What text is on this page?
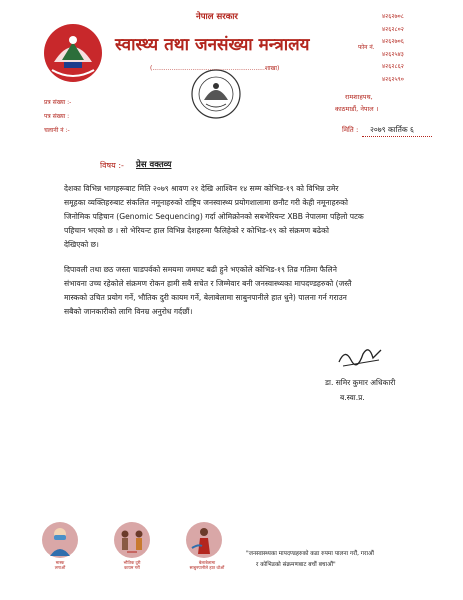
नेपाल सरकार
स्वास्थ्य तथा जनसंख्या मन्त्रालय
(...........................................................शाखा)
फोन नं.
४२६२७०८
४२६२८०२
४२६२७०६
४२६२५४३
४२६२८६२
४२६२५९०
रामशाहपथ,
काठमाडौं, नेपाल ।
प्रत्र संख्या :-
पत्र संख्या :
चलानी नं :-	मिति : २०७९ कार्तिक ६
विषय :- प्रेस वक्तव्य
देशका विभिन्न भागहरूबाट मिति २०७९ श्रावण २१ देखि आश्विन १४ सम्म कोभिड-१९ को विभिन्न उमेर
समूहका व्यक्तिहरुबाट संकलित नमूनाहरुको राष्ट्रिय जनस्वास्थ्य प्रयोगशालामा छनौट गरी केही नमूनाहरुको
जिनोमिक पहिचान (Genomic Sequencing) गर्दा ओमिक्रोनको सबभेरियन्ट XBB नेपालमा पहिलो पटक
पहिचान भएको छ । सो भेरियन्ट हाल विभिन्न देशहरुमा फैलिहेको र कोभिड-१९ को संक्रमण बढेको
देखिएको छ।
दिपावली तथा छठ जस्ता चाडपर्वको समयमा जमघट बढी हुने भएकोले कोभिड-१९ तिव्र गतिमा फैलिने
संभावना उच्च रहेकोले संक्रमण रोकन हामी सबै सचेत र जिम्मेवार बनी जनस्वास्थ्यका मापदण्डहरुको (जस्तै
मास्कको उचित प्रयोग गर्ने, भौतिक दुरी कायम गर्ने, बेलाबेलामा साबुनपानीले हात धुने) पालना गर्न गराउन
सबैको जानकारीको लागि विनम्र अनुरोध गर्दछौं।
डा. समिर कुमार अधिकारी
ब.स्वा.प्र.
मास्क
लगाऔं
भौतिक दुरी
कायम गरौं
बेलाबेलामा
साबुनपानीले हात धोऔं
"जनस्वास्थ्यका मापदण्डहरुको कडा रुपमा पालना गरौं, गराऔं
र कोभिडको संक्रमणबाट बचौं बचाऔं"
